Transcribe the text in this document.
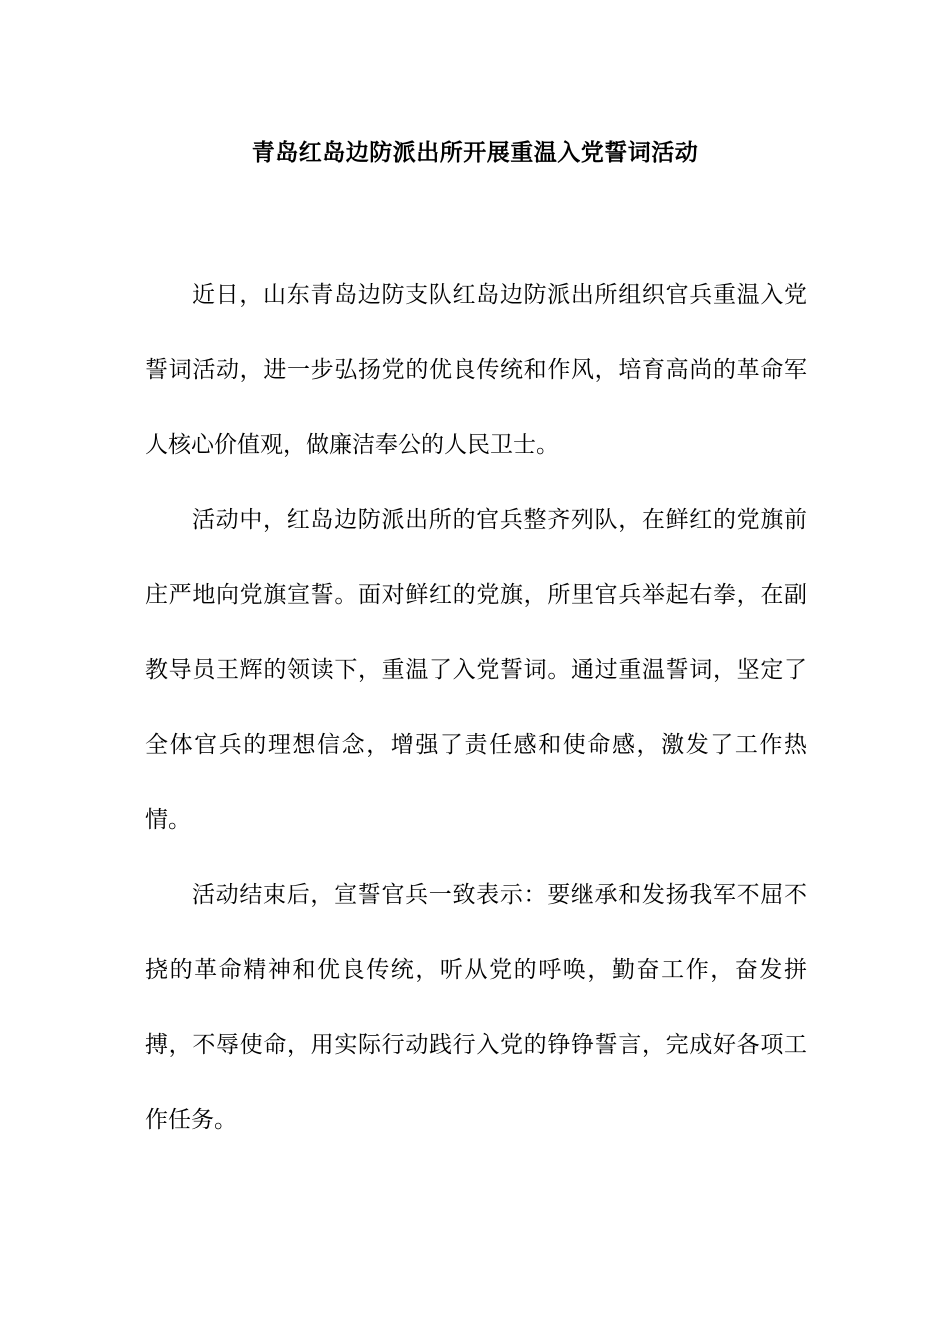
青岛红岛边防派出所开展重温入党誓词活动

近日，山东青岛边防支队红岛边防派出所组织官兵重温入党誓词活动，进一步弘扬党的优良传统和作风，培育高尚的革命军人核心价值观，做廉洁奉公的人民卫士。

活动中，红岛边防派出所的官兵整齐列队，在鲜红的党旗前庄严地向党旗宣誓。面对鲜红的党旗，所里官兵举起右拳，在副教导员王辉的领读下，重温了入党誓词。通过重温誓词，坚定了全体官兵的理想信念，增强了责任感和使命感，激发了工作热情。

活动结束后，宣誓官兵一致表示：要继承和发扬我军不屈不挠的革命精神和优良传统，听从党的呼唤，勤奋工作，奋发拼搏，不辱使命，用实际行动践行入党的铮铮誓言，完成好各项工作任务。
